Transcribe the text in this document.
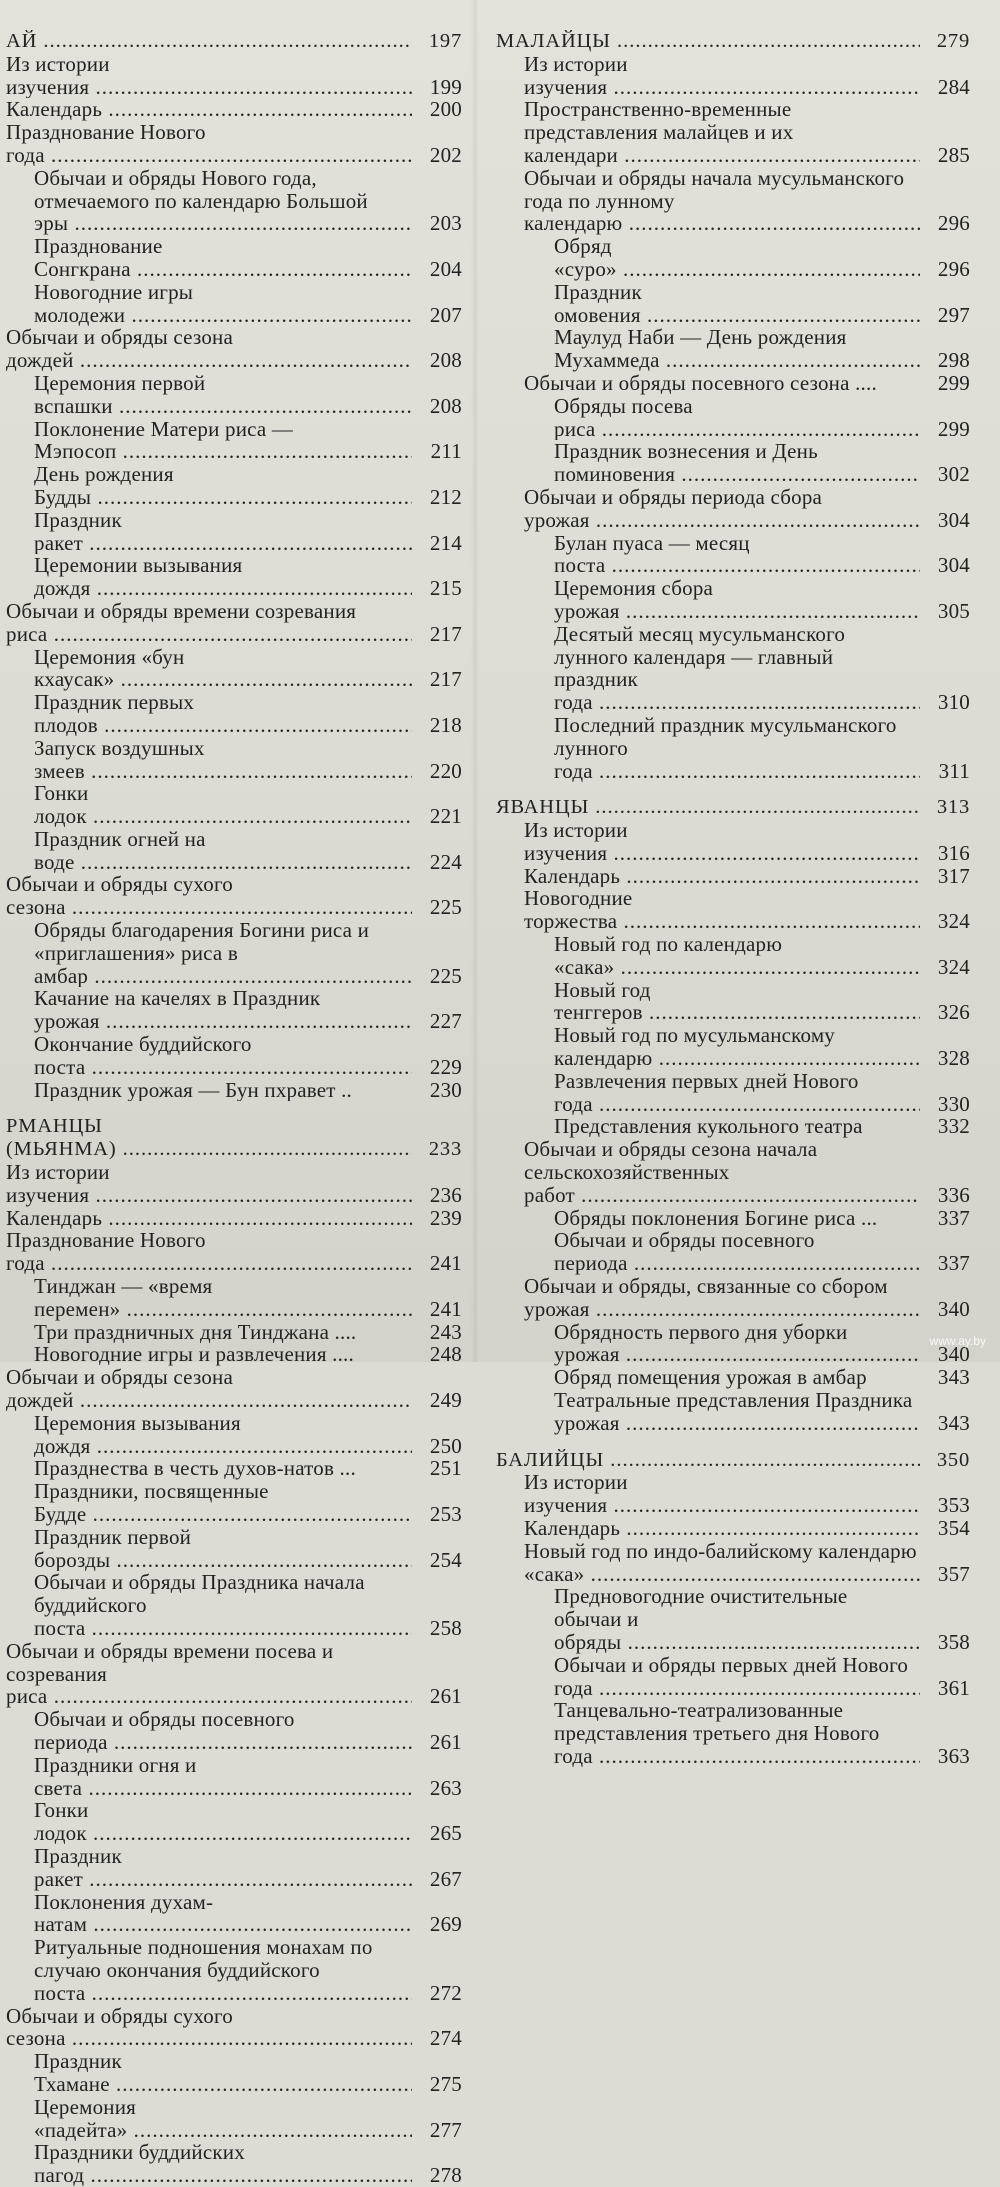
АЙ .....	197
Из истории изучения .....	199
Календарь .....	200
Празднование Нового года .....	202
Обычаи и обряды Нового года, отмечаемого по календарю Большой эры .....	203
Празднование Сонгкрана .....	204
Новогодние игры молодежи .....	207
Обычаи и обряды сезона дождей .....	208
Церемония первой вспашки .....	208
Поклонение Матери риса — Мэпосоп .....	211
День рождения Будды .....	212
Праздник ракет .....	214
Церемонии вызывания дождя .....	215
Обычаи и обряды времени созревания риса .....	217
Церемония «бун кхаусак» .....	217
Праздник первых плодов .....	218
Запуск воздушных змеев .....	220
Гонки лодок .....	221
Праздник огней на воде .....	224
Обычаи и обряды сухого сезона .....	225
Обряды благодарения Богини риса и «приглашения» риса в амбар .....	225
Качание на качелях в Праздник урожая .....	227
Окончание буддийского поста .....	229
Праздник урожая — Бун пхравет ..	230
РМАНЦЫ (МЬЯНМА) .....	233
Из истории изучения .....	236
Календарь .....	239
Празднование Нового года .....	241
Тинджан — «время перемен» .....	241
Три праздничных дня Тинджана ....	243
Новогодние игры и развлечения ....	248
Обычаи и обряды сезона дождей .....	249
Церемония вызывания дождя .....	250
Празднества в честь духов-натов ...	251
Праздники, посвященные Будде .....	253
Праздник первой борозды .....	254
Обычаи и обряды Праздника начала буддийского поста .....	258
Обычаи и обряды времени посева и созревания риса .....	261
Обычаи и обряды посевного периода .....	261
Праздники огня и света .....	263
Гонки лодок .....	265
Праздник ракет .....	267
Поклонения духам-натам .....	269
Ритуальные подношения монахам по случаю окончания буддийского поста .....	272
Обычаи и обряды сухого сезона .....	274
Праздник Тхамане .....	275
Церемония «падейта» .....	277
Праздники буддийских пагод .....	278
МАЛАЙЦЫ .....	279
Из истории изучения .....	284
Пространственно-временные представления малайцев и их календари .....	285
Обычаи и обряды начала мусульманского года по лунному календарю .....	296
Обряд «суро» .....	296
Праздник омовения .....	297
Маулуд Наби — День рождения Мухаммеда .....	298
Обычаи и обряды посевного сезона ....	299
Обряды посева риса .....	299
Праздник вознесения и День поминовения .....	302
Обычаи и обряды периода сбора урожая .....	304
Булан пуаса — месяц поста .....	304
Церемония сбора урожая .....	305
Десятый месяц мусульманского лунного календаря — главный праздник года .....	310
Последний праздник мусульманского лунного года .....	311
ЯВАНЦЫ .....	313
Из истории изучения .....	316
Календарь .....	317
Новогодние торжества .....	324
Новый год по календарю «сака» .....	324
Новый год тенггеров .....	326
Новый год по мусульманскому календарю .....	328
Развлечения первых дней Нового года .....	330
Представления кукольного театра	332
Обычаи и обряды сезона начала сельскохозяйственных работ .....	336
Обряды поклонения Богине риса ...	337
Обычаи и обряды посевного периода .....	337
Обычаи и обряды, связанные со сбором урожая .....	340
Обрядность первого дня уборки урожая .....	340
Обряд помещения урожая в амбар	343
Театральные представления Праздника урожая .....	343
БАЛИЙЦЫ .....	350
Из истории изучения .....	353
Календарь .....	354
Новый год по индо-балийскому календарю «сака» .....	357
Предновогодние очистительные обычаи и обряды .....	358
Обычаи и обряды первых дней Нового года .....	361
Танцевально-театрализованные представления третьего дня Нового года .....	363
www.ay.by
